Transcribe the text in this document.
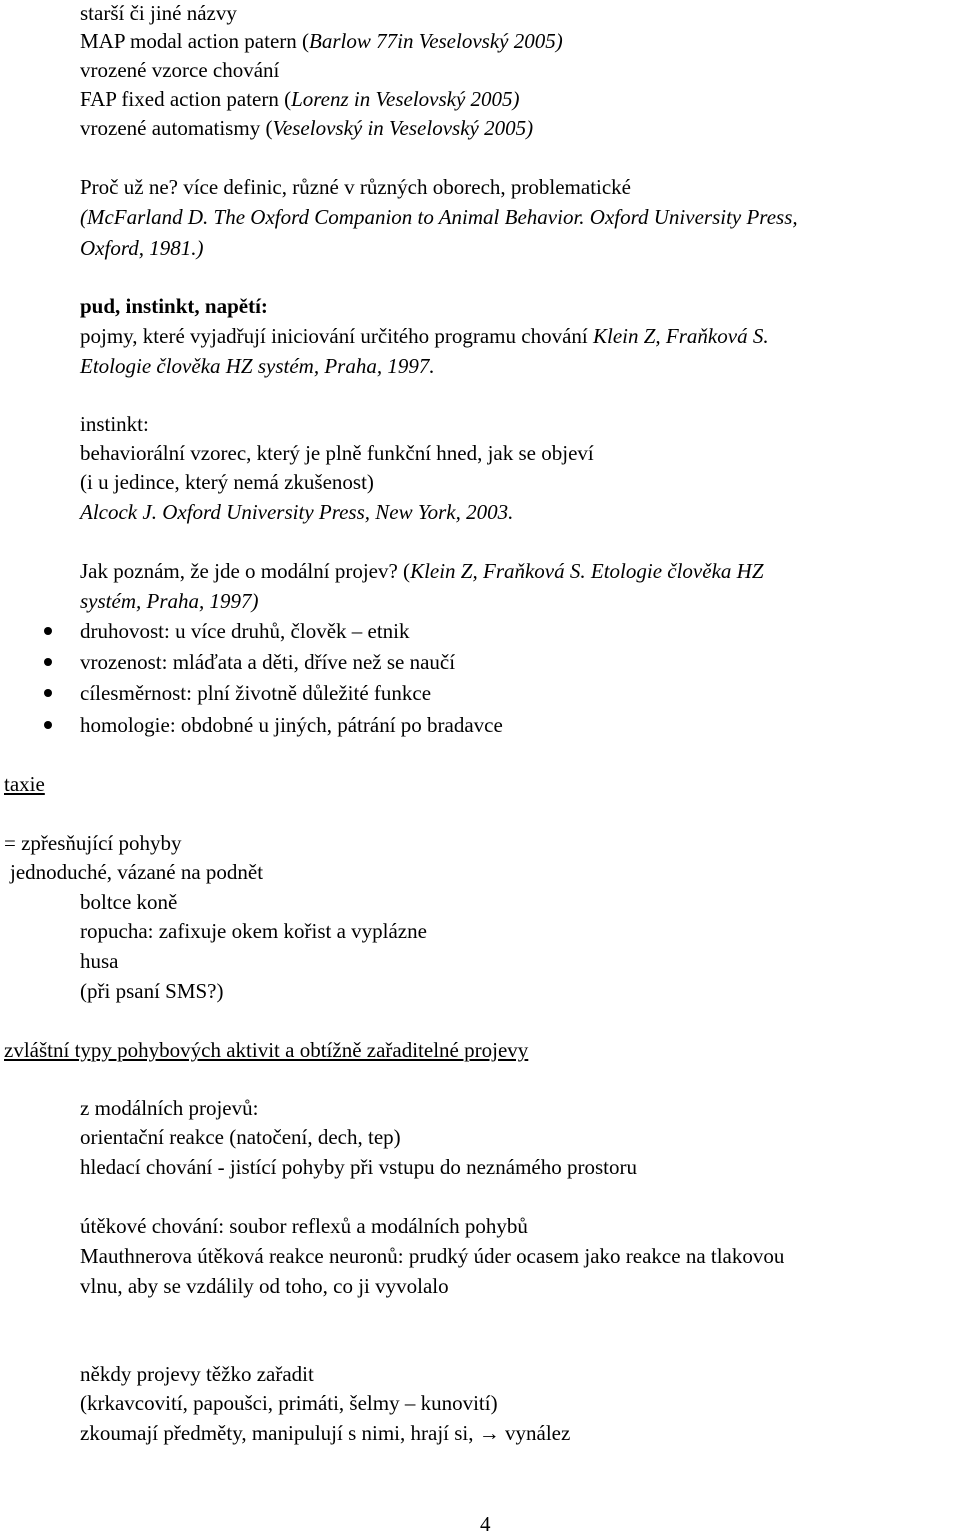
starší či jiné názvy
MAP modal action patern (Barlow 77in Veselovský 2005)
vrozené vzorce chování
FAP fixed action patern (Lorenz in Veselovský 2005)
vrozené automatismy (Veselovský in Veselovský 2005)
Proč už ne? více definic, různé v různých oborech, problematické
(McFarland D. The Oxford Companion to Animal Behavior. Oxford University Press,
Oxford, 1981.)
pud, instinkt, napětí:
pojmy, které vyjadřují iniciování určitého programu chování Klein Z, Fraňková S.
Etologie člověka HZ systém, Praha, 1997.
instinkt:
behaviorální vzorec, který je plně funkční hned, jak se objeví
(i u jedince, který nemá zkušenost)
Alcock J. Oxford University Press, New York, 2003.
Jak poznám, že jde o modální projev? (Klein Z, Fraňková S. Etologie člověka HZ
systém, Praha, 1997)
druhovost: u více druhů, člověk – etnik
vrozenost: mláďata a děti, dříve než se naučí
cílesměrnost: plní životně důležité funkce
homologie: obdobné u jiných, pátrání po bradavce
taxie
= zpřesňující pohyby
jednoduché, vázané na podnět
boltce koně
ropucha: zafixuje okem kořist a vyplázne
husa
(při psaní SMS?)
zvláštní typy pohybových aktivit a obtížně zařaditelné projevy
z modálních projevů:
orientační reakce (natočení, dech, tep)
hledací chování - jistící pohyby při vstupu do neznámého prostoru
útěkové chování: soubor reflexů a modálních pohybů
Mauthnerova útěková reakce neuronů: prudký úder ocasem jako reakce na tlakovou
vlnu, aby se vzdálily od toho, co ji vyvolalo
někdy projevy těžko zařadit
(krkavcovití, papoušci, primáti, šelmy – kunovití)
zkoumají předměty, manipulují s nimi, hrají si, → vynález
4
